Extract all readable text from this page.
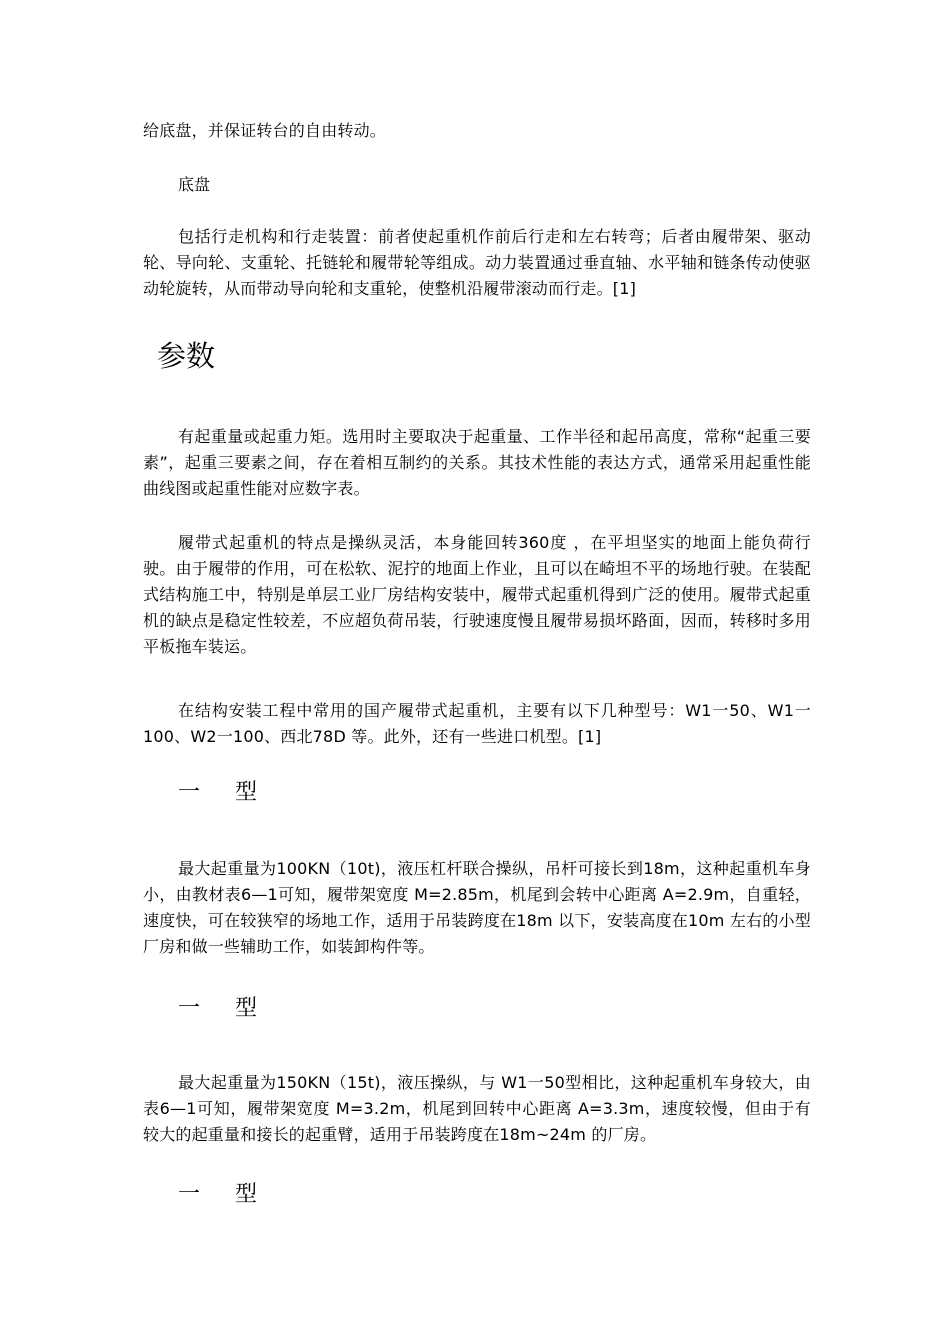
给底盘，并保证转台的自由转动。

底盘

包括行走机构和行走装置：前者使起重机作前后行走和左右转弯；后者由履带架、驱动轮、导向轮、支重轮、托链轮和履带轮等组成。动力装置通过垂直轴、水平轴和链条传动使驱动轮旋转，从而带动导向轮和支重轮，使整机沿履带滚动而行走。[1]

参数

有起重量或起重力矩。选用时主要取决于起重量、工作半径和起吊高度，常称“起重三要素”，起重三要素之间，存在着相互制约的关系。其技术性能的表达方式，通常采用起重性能曲线图或起重性能对应数字表。

履带式起重机的特点是操纵灵活，本身能回转360度 ，在平坦坚实的地面上能负荷行驶。由于履带的作用，可在松软、泥拧的地面上作业，且可以在崎坦不平的场地行驶。在装配式结构施工中，特别是单层工业厂房结构安装中，履带式起重机得到广泛的使用。履带式起重机的缺点是稳定性较差，不应超负荷吊装，行驶速度慢且履带易损坏路面，因而，转移时多用平板拖车装运。

在结构安装工程中常用的国产履带式起重机，主要有以下几种型号：W1一50、W1一100、W2一100、西北78D 等。此外，还有一些进口机型。[1]

一 型

最大起重量为100KN（10t)，液压杠杆联合操纵，吊杆可接长到18m，这种起重机车身小，由教材表6—1可知，履带架宽度 M=2.85m，机尾到会转中心距离 A=2.9m，自重轻，速度快，可在较狭窄的场地工作，适用于吊装跨度在18m 以下，安装高度在10m 左右的小型厂房和做一些辅助工作，如装卸构件等。

一 型

最大起重量为150KN（15t)，液压操纵，与 W1一50型相比，这种起重机车身较大，由表6—1可知，履带架宽度 M=3.2m，机尾到回转中心距离 A=3.3m，速度较慢，但由于有较大的起重量和接长的起重臂，适用于吊装跨度在18m~24m 的厂房。

一 型
